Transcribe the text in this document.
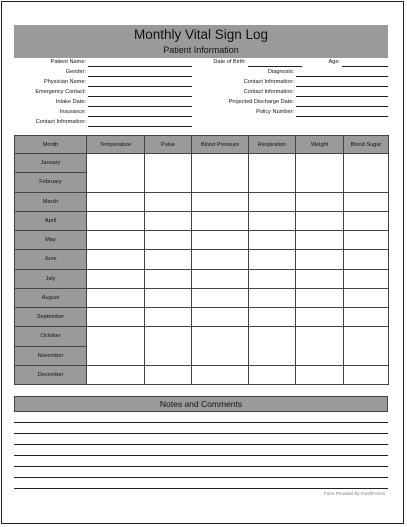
Monthly Vital Sign Log
Patient Information
Patient Name:
Gender:
Physician Name:
Emergency Contact:
Intake Date:
Insurance:
Contact Information:
Date of Birth:	Age:
Diagnosis:
Contact Information:
Contact Information:
Projected Discharge Date:
Policy Number:
Month	Temperature	Pulse	Blood Pressure	Respiration	Weight	Blood Sugar
January						
February						
March						
April						
May						
June						
July						
August						
September						
October						
November						
December						
Notes and Comments
Form Provided by FreshForms
